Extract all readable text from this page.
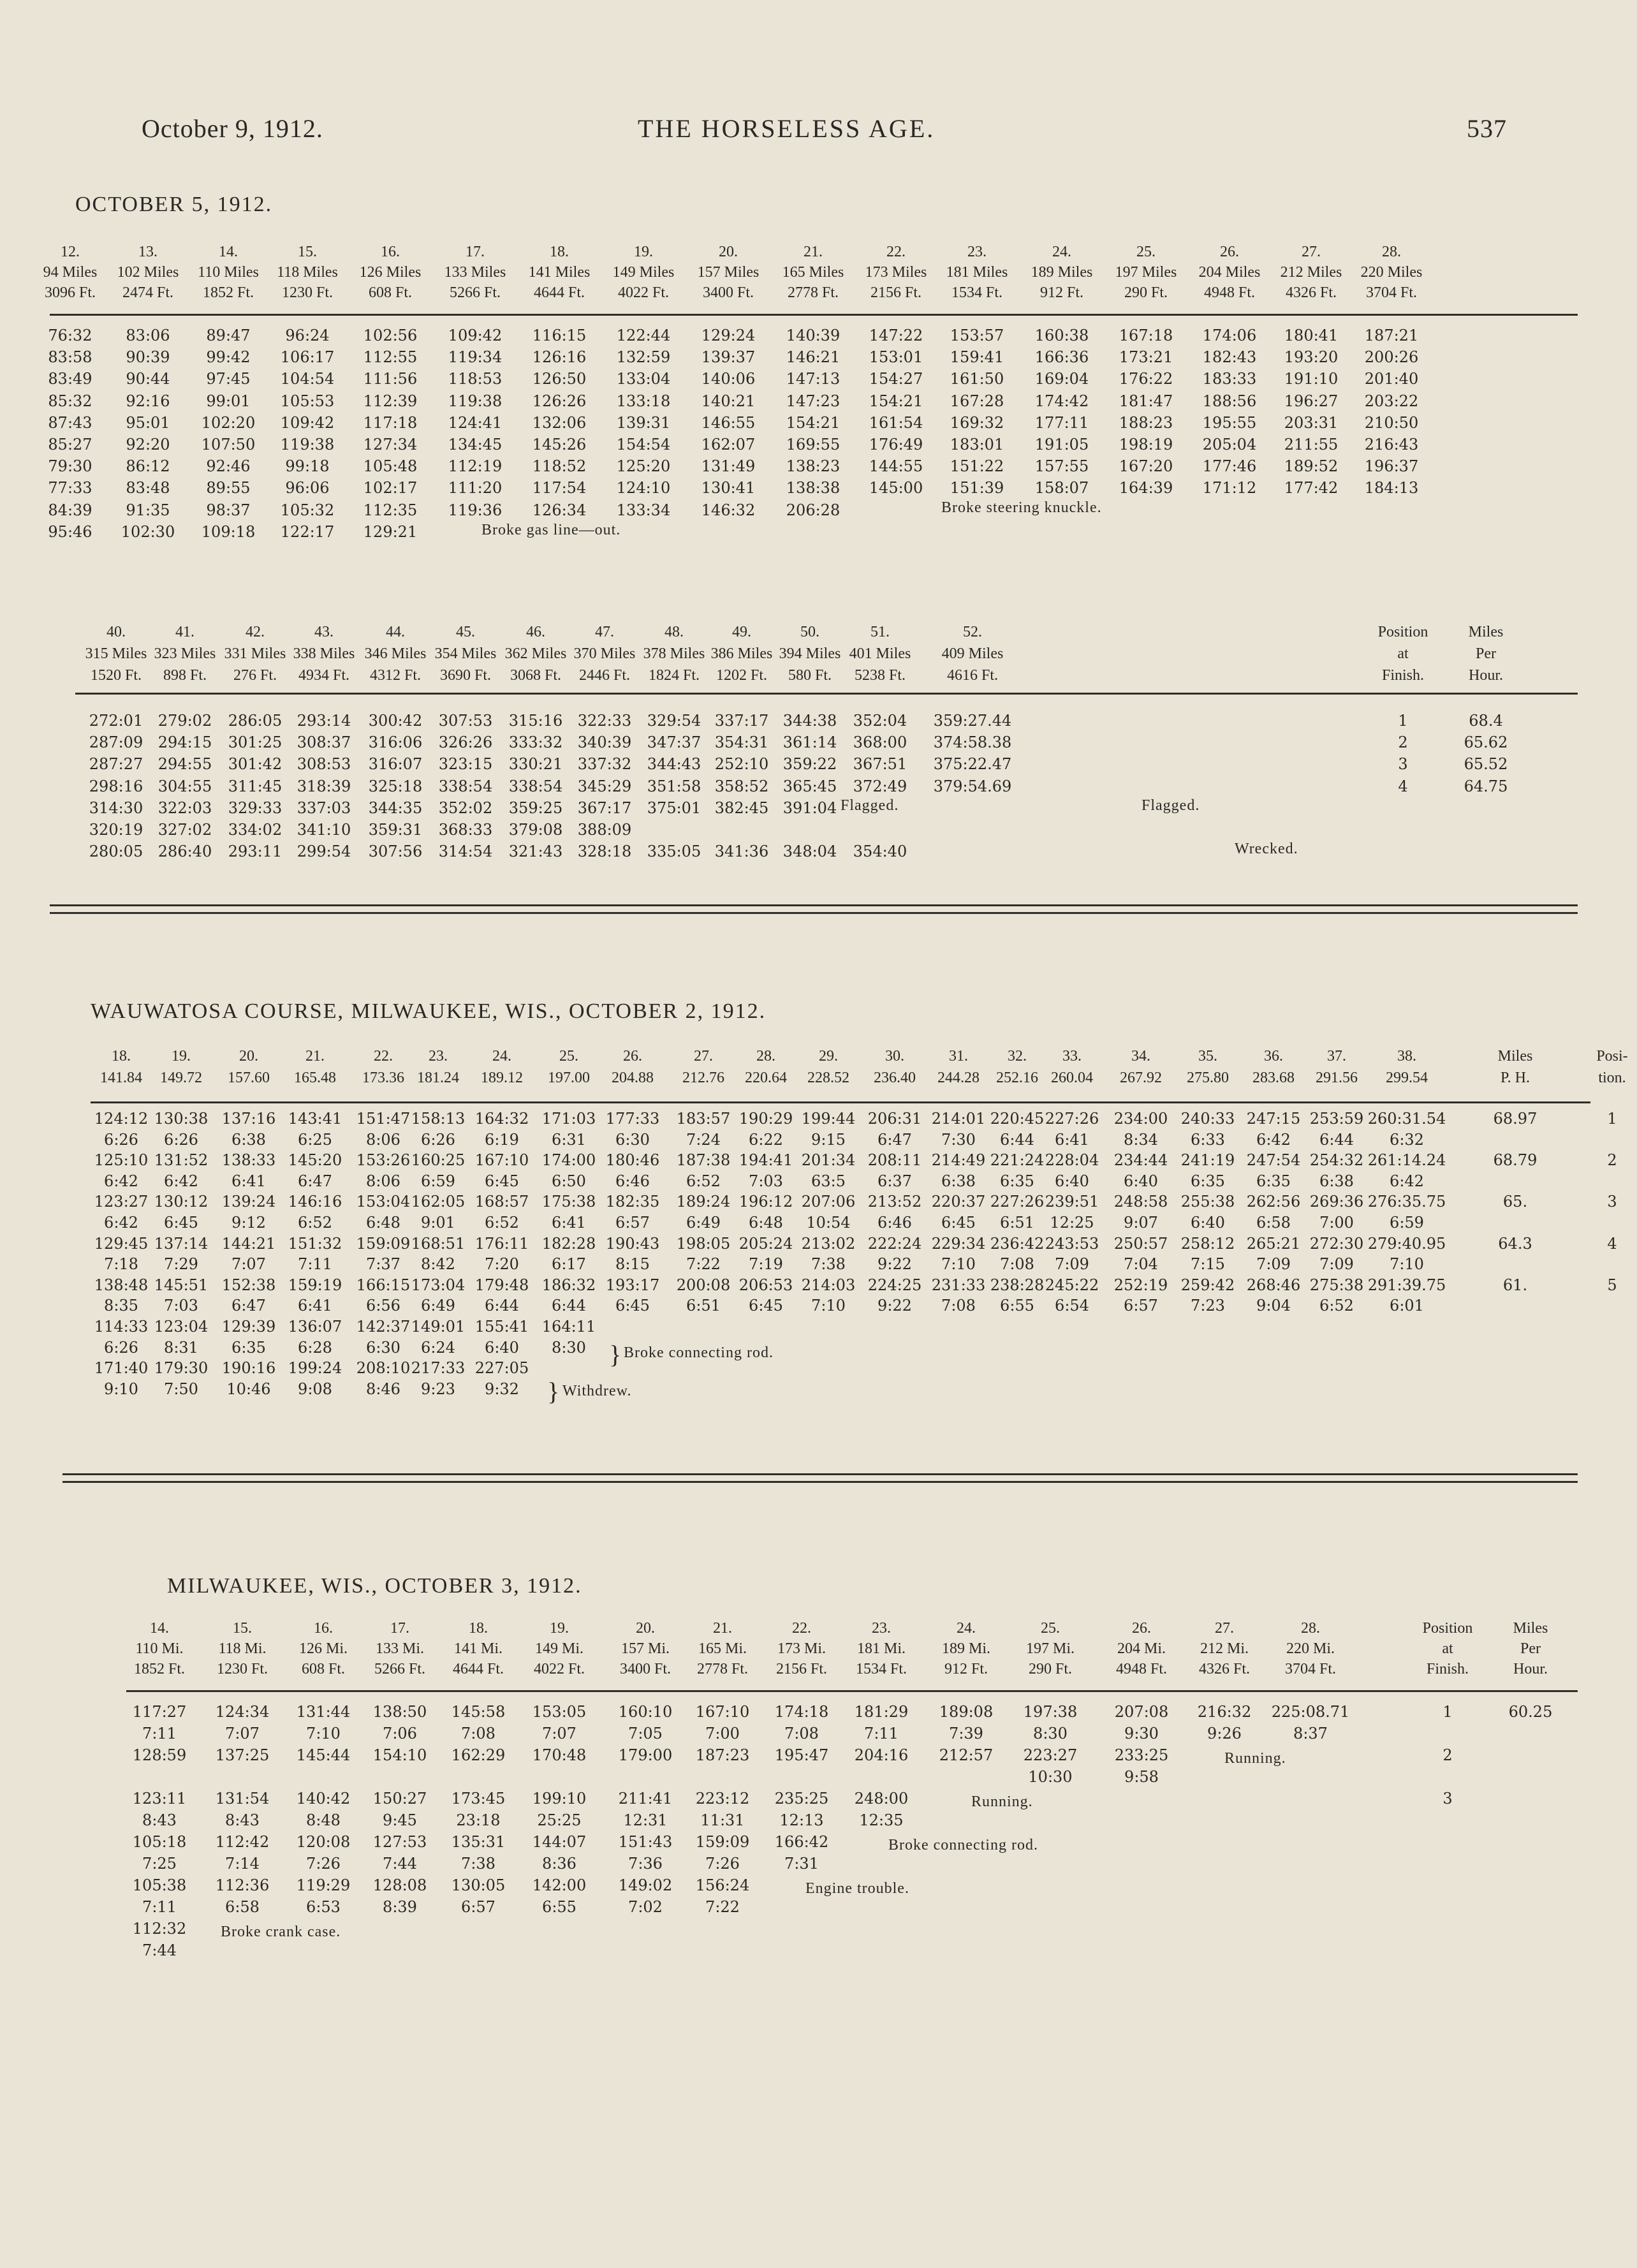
October 9, 1912.	THE HORSELESS AGE.	537
OCTOBER 5, 1912.
12.	13.	14.	15.	16.	17.	18.	19.	20.	21.	22.	23.	24.	25.	26.	27.	28.
94 Miles 102 Miles 110 Miles 118 Miles 126 Miles 133 Miles 141 Miles 149 Miles 157 Miles 165 Miles 173 Miles 181 Miles 189 Miles 197 Miles 204 Miles 212 Miles 220 Miles
3096 Ft. 2474 Ft. 1852 Ft. 1230 Ft. 608 Ft. 5266 Ft. 4644 Ft. 4022 Ft. 3400 Ft. 2778 Ft. 2156 Ft. 1534 Ft. 912 Ft.	290 Ft. 4948 Ft. 4326 Ft. 3704 Ft.
76:32 83:06 89:47 96:24 102:56 109:42 116:15 122:44 129:24 140:39 147:22 153:57 160:38 167:18 174:06 180:41 187:21
83:58 90:39 99:42 106:17 112:55 119:34 126:16 132:59 139:37 146:21 153:01 159:41 166:36 173:21 182:43 193:20 200:26
83:49 90:44 97:45 104:54 111:56 118:53 126:50 133:04 140:06 147:13 154:27 161:50 169:04 176:22 183:33 191:10 201:40
85:32 92:16 99:01 105:53 112:39 119:38 126:26 133:18 140:21 147:23 154:21 167:28 174:42 181:47 188:56 196:27 203:22
87:43 95:01 102:20 109:42 117:18 124:41 132:06 139:31 146:55 154:21 161:54 169:32 177:11 188:23 195:55 203:31 210:50
85:27 92:20 107:50 119:38 127:34 134:45 145:26 154:54 162:07 169:55 176:49 183:01 191:05 198:19 205:04 211:55 216:43
79:30 86:12 92:46 99:18 105:48 112:19 118:52 125:20 131:49 138:23 144:55 151:22 157:55 167:20 177:46 189:52 196:37
77:33 83:48 89:55 96:06 102:17 111:20 117:54 124:10 130:41 138:38 145:00 151:39 158:07 164:39 171:12 177:42 184:13
84:39 91:35 98:37 105:32 112:35 119:36 126:34 133:34 146:32 206:28
95:46 102:30 109:18 122:17 129:21
Broke steering knuckle.
Broke gas line—out.
40.	41.	42.	43.	44.	45.	46.	47.	48.	49.	50.	51.	52.	Position	Miles
315 Miles 323 Miles 331 Miles 338 Miles 346 Miles 354 Miles 362 Miles 370 Miles 378 Miles 386 Miles 394 Miles 401 Miles 409 Miles	at	Per
1520 Ft. 898 Ft. 276 Ft. 4934 Ft. 4312 Ft. 3690 Ft. 3068 Ft. 2446 Ft. 1824 Ft. 1202 Ft. 580 Ft. 5238 Ft.	4616 Ft.	Finish.	Hour.
272:01 279:02 286:05 293:14 300:42 307:53 315:16 322:33 329:54 337:17 344:38 352:04 359:27.44	1	68.4
287:09 294:15 301:25 308:37 316:06 326:26 333:32 340:39 347:37 354:31 361:14 368:00 374:58.38	2	65.62
287:27 294:55 301:42 308:53 316:07 323:15 330:21 337:32 344:43 252:10 359:22 367:51 375:22.47	3	65.52
298:16 304:55 311:45 318:39 325:18 338:54 338:54 345:29 351:58 358:52 365:45 372:49 379:54.69	4	64.75
314:30 322:03 329:33 337:03 344:35 352:02 359:25 367:17 375:01 382:45 391:04
320:19 327:02 334:02 341:10 359:31 368:33 379:08 388:09
280:05 286:40 293:11 299:54 307:56 314:54 321:43 328:18 335:05 341:36 348:04 354:40
Flagged.	Flagged.
Wrecked.
WAUWATOSA COURSE, MILWAUKEE, WIS., OCTOBER 2, 1912.
18.	19.	20.	21.	22. 23.	24.	25.	26.	27.	28.	29.	30.	31.	32. 33.	34.	35.	36.	37.	38.	Miles	Posi-
141.84 149.72 157.60 165.48 173.36 181.24 189.12 197.00 204.88 212.76 220.64 228.52 236.40 244.28 252.16 260.04 267.92 275.80 283.68 291.56 299.54	P. H.	tion.
124:12 130:38 137:16 143:41 151:47 158:13 164:32 171:03 177:33 183:57 190:29 199:44 206:31 214:01 220:45 227:26 234:00 240:33 247:15 253:59 260:31.54	68.97	1
6:26 6:26 6:38 6:25 8:06 6:26 6:19 6:31 6:30 7:24 6:22 9:15 6:47 7:30 6:44 6:41 8:34 6:33 6:42 6:44 6:32
125:10 131:52 138:33 145:20 153:26 160:25 167:10 174:00 180:46 187:38 194:41 201:34 208:11 214:49 221:24 228:04 234:44 241:19 247:54 254:32 261:14.24	68.79	2
6:42 6:42 6:41 6:47 8:06 6:59 6:45 6:50 6:46 6:52 7:03 63:5 6:37 6:38 6:35 6:40 6:40 6:35 6:35 6:38 6:42
123:27 130:12 139:24 146:16 153:04 162:05 168:57 175:38 182:35 189:24 196:12 207:06 213:52 220:37 227:26 239:51 248:58 255:38 262:56 269:36 276:35.75	65.	3
6:42 6:45 9:12 6:52 6:48 9:01 6:52 6:41 6:57 6:49 6:48 10:54 6:46 6:45 6:51 12:25 9:07 6:40 6:58 7:00 6:59
129:45 137:14 144:21 151:32 159:09 168:51 176:11 182:28 190:43 198:05 205:24 213:02 222:24 229:34 236:42 243:53 250:57 258:12 265:21 272:30 279:40.95	64.3	4
7:18 7:29 7:07 7:11 7:37 8:42 7:20 6:17 8:15 7:22 7:19 7:38 9:22 7:10 7:08 7:09 7:04 7:15 7:09 7:09 7:10
138:48 145:51 152:38 159:19 166:15 173:04 179:48 186:32 193:17 200:08 206:53 214:03 224:25 231:33 238:28 245:22 252:19 259:42 268:46 275:38 291:39.75	61.	5
8:35 7:03 6:47 6:41 6:56 6:49 6:44 6:44 6:45 6:51 6:45 7:10 9:22 7:08 6:55 6:54 6:57 7:23 9:04 6:52 6:01
114:33 123:04 129:39 136:07 142:37 149:01 155:41 164:11
6:26 8:31 6:35 6:28 6:30 6:24 6:40 8:30
171:40 179:30 190:16 199:24 208:10 217:33 227:05
9:10 7:50 10:46 9:08 8:46 9:23 9:32
} Broke connecting rod.
} Withdrew.
MILWAUKEE, WIS., OCTOBER 3, 1912.
14.	15.	16.	17.	18.	19.	20.	21.	22.	23.	24.	25.	26.	27.	28.	Position	Miles
110 Mi. 118 Mi. 126 Mi. 133 Mi. 141 Mi. 149 Mi. 157 Mi. 165 Mi. 173 Mi. 181 Mi. 189 Mi. 197 Mi.	204 Mi. 212 Mi. 220 Mi.	at	Per
1852 Ft. 1230 Ft. 608 Ft. 5266 Ft. 4644 Ft. 4022 Ft. 3400 Ft. 2778 Ft. 2156 Ft. 1534 Ft. 912 Ft.	290 Ft.	4948 Ft. 4326 Ft. 3704 Ft.	Finish.	Hour.
117:27 124:34 131:44 138:50 145:58 153:05 160:10 167:10 174:18 181:29 189:08 197:38 207:08 216:32 225:08.71	1	60.25
7:11	7:07	7:10	7:06	7:08	7:07	7:05	7:00	7:08	7:11	7:39	8:30	9:30	9:26	8:37
128:59 137:25 145:44 154:10 162:29 170:48 179:00 187:23 195:47 204:16 212:57 223:27 233:25	2
10:30	9:58
123:11 131:54 140:42 150:27 173:45 199:10 211:41 223:12 235:25 248:00	3
8:43	8:43	8:48	9:45	23:18 25:25	12:31 11:31 12:13 12:35
105:18 112:42 120:08 127:53 135:31 144:07 151:43 159:09 166:42
7:25	7:14	7:26	7:44	7:38	8:36	7:36	7:26	7:31
105:38 112:36 119:29 128:08 130:05 142:00 149:02 156:24
7:11	6:58	6:53	8:39	6:57	6:55	7:02	7:22
112:32
7:44
Running.
Running.
Broke connecting rod.
Engine trouble.
Broke crank case.
